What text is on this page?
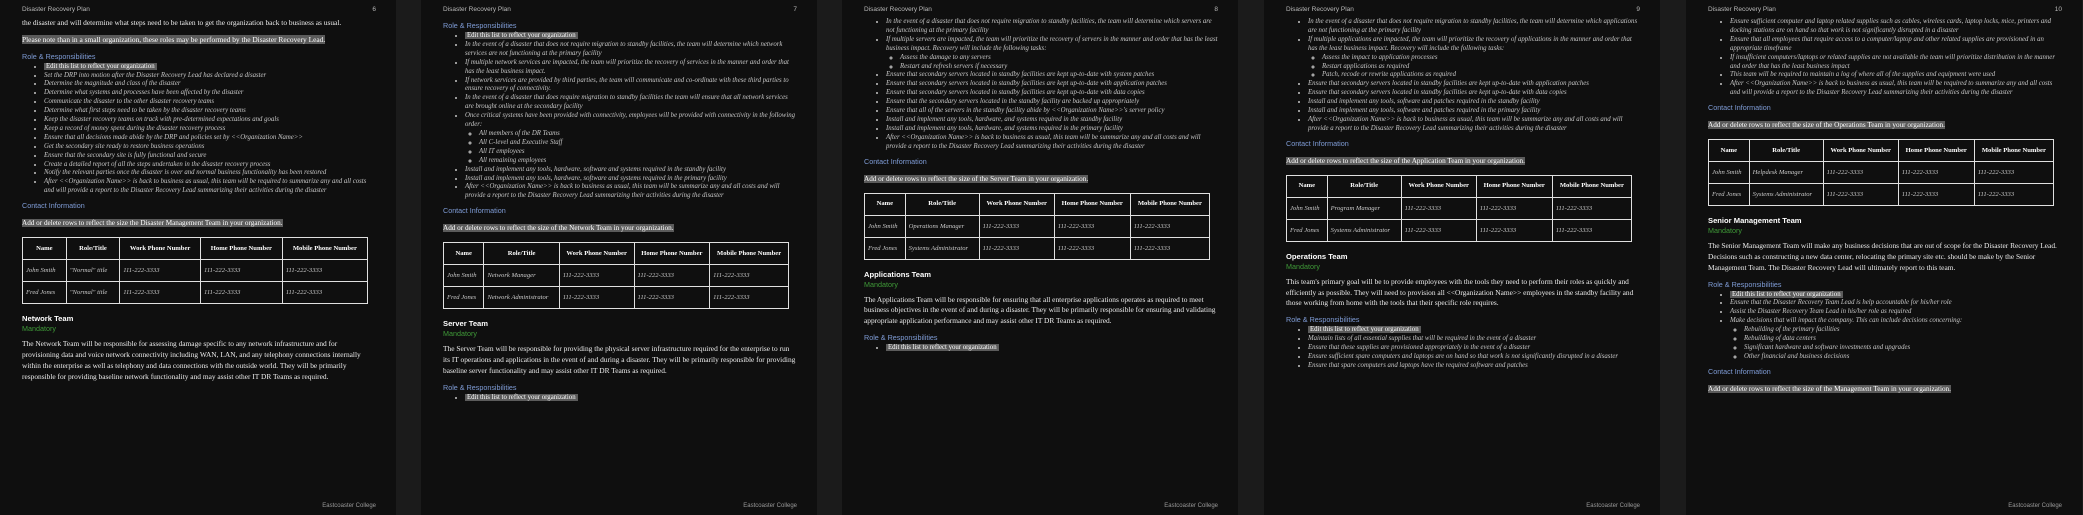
Disaster Recovery Plan	6

the disaster and will determine what steps need to be taken to get the organization back to business as usual.

Please note than in a small organization, these roles may be performed by the Disaster Recovery Lead.

Role & Responsibilities
• Edit this list to reflect your organization
• Set the DRP into motion after the Disaster Recovery Lead has declared a disaster
• Determine the magnitude and class of the disaster
• Determine what systems and processes have been affected by the disaster
• Communicate the disaster to the other disaster recovery teams
• Determine what first steps need to be taken by the disaster recovery teams
• Keep the disaster recovery teams on track with pre-determined expectations and goals
• Keep a record of money spent during the disaster recovery process
• Ensure that all decisions made abide by the DRP and policies set by <<Organization Name>>
• Get the secondary site ready to restore business operations
• Ensure that the secondary site is fully functional and secure
• Create a detailed report of all the steps undertaken in the disaster recovery process
• Notify the relevant parties once the disaster is over and normal business functionality has been restored
• After <<Organization Name>> is back to business as usual, this team will be required to summarize any and all costs and will provide a report to the Disaster Recovery Lead summarizing their activities during the disaster
Contact Information
Add or delete rows to reflect the size the Disaster Management Team in your organization.
Name	Role/Title	Work Phone Number	Home Phone Number	Mobile Phone Number
John Smith	"Normal" title	111-222-3333	111-222-3333	111-222-3333
Fred Jones	"Normal" title	111-222-3333	111-222-3333	111-222-3333
Network Team
Mandatory

The Network Team will be responsible for assessing damage specific to any network infrastructure and for provisioning data and voice network connectivity including WAN, LAN, and any telephony connections internally within the enterprise as well as telephony and data connections with the outside world. They will be primarily responsible for providing baseline network functionality and may assist other IT DR Teams as required.

Eastcoaster College
Disaster Recovery Plan	7
Role & Responsibilities
• Edit this list to reflect your organization
• In the event of a disaster that does not require migration to standby facilities, the team will determine which network services are not functioning at the primary facility
• If multiple network services are impacted, the team will prioritize the recovery of services in the manner and order that has the least business impact.
• If network services are provided by third parties, the team will communicate and co-ordinate with these third parties to ensure recovery of connectivity.
• In the event of a disaster that does require migration to standby facilities the team will ensure that all network services are brought online at the secondary facility
• Once critical systems have been provided with connectivity, employees will be provided with connectivity in the following order:
◦ All members of the DR Teams
◦ All C-level and Executive Staff
◦ All IT employees
◦ All remaining employees
• Install and implement any tools, hardware, software and systems required in the standby facility
• Install and implement any tools, hardware, software and systems required in the primary facility
• After <<Organization Name>> is back to business as usual, this team will be summarize any and all costs and will provide a report to the Disaster Recovery Lead summarizing their activities during the disaster
Contact Information
Add or delete rows to reflect the size of the Network Team in your organization.
Name	Role/Title	Work Phone Number	Home Phone Number	Mobile Phone Number
John Smith	Network Manager	111-222-3333	111-222-3333	111-222-3333
Fred Jones	Network Administrator	111-222-3333	111-222-3333	111-222-3333
Server Team
Mandatory

The Server Team will be responsible for providing the physical server infrastructure required for the enterprise to run its IT operations and applications in the event of and during a disaster. They will be primarily responsible for providing baseline server functionality and may assist other IT DR Teams as required.

Role & Responsibilities
• Edit this list to reflect your organization
Eastcoaster College
Disaster Recovery Plan	8
• In the event of a disaster that does not require migration to standby facilities, the team will determine which servers are not functioning at the primary facility
• If multiple servers are impacted, the team will prioritize the recovery of servers in the manner and order that has the least business impact. Recovery will include the following tasks:
◦ Assess the damage to any servers
◦ Restart and refresh servers if necessary
• Ensure that secondary servers located in standby facilities are kept up-to-date with system patches
• Ensure that secondary servers located in standby facilities are kept up-to-date with application patches
• Ensure that secondary servers located in standby facilities are kept up-to-date with data copies
• Ensure that the secondary servers located in the standby facility are backed up appropriately
• Ensure that all of the servers in the standby facility abide by <<Organization Name>>'s server policy
• Install and implement any tools, hardware, and systems required in the standby facility
• Install and implement any tools, hardware, and systems required in the primary facility
• After <<Organization Name>> is back to business as usual, this team will be summarize any and all costs and will provide a report to the Disaster Recovery Lead summarizing their activities during the disaster
Contact Information
Add or delete rows to reflect the size of the Server Team in your organization.
Name	Role/Title	Work Phone Number	Home Phone Number	Mobile Phone Number
John Smith	Operations Manager	111-222-3333	111-222-3333	111-222-3333
Fred Jones	Systems Administrator	111-222-3333	111-222-3333	111-222-3333
Applications Team
Mandatory

The Applications Team will be responsible for ensuring that all enterprise applications operates as required to meet business objectives in the event of and during a disaster. They will be primarily responsible for ensuring and validating appropriate application performance and may assist other IT DR Teams as required.

Role & Responsibilities
• Edit this list to reflect your organization
Eastcoaster College
Disaster Recovery Plan	9
• In the event of a disaster that does not require migration to standby facilities, the team will determine which applications are not functioning at the primary facility
• If multiple applications are impacted, the team will prioritize the recovery of applications in the manner and order that has the least business impact. Recovery will include the following tasks:
◦ Assess the impact to application processes
◦ Restart applications as required
◦ Patch, recode or rewrite applications as required
• Ensure that secondary servers located in standby facilities are kept up-to-date with application patches
• Ensure that secondary servers located in standby facilities are kept up-to-date with data copies
• Install and implement any tools, software and patches required in the standby facility
• Install and implement any tools, software and patches required in the primary facility
• After <<Organization Name>> is back to business as usual, this team will be summarize any and all costs and will provide a report to the Disaster Recovery Lead summarizing their activities during the disaster
Contact Information
Add or delete rows to reflect the size of the Application Team in your organization.
Name	Role/Title	Work Phone Number	Home Phone Number	Mobile Phone Number
John Smith	Program Manager	111-222-3333	111-222-3333	111-222-3333
Fred Jones	Systems Administrator	111-222-3333	111-222-3333	111-222-3333
Operations Team
Mandatory

This team's primary goal will be to provide employees with the tools they need to perform their roles as quickly and efficiently as possible. They will need to provision all <<Organization Name>> employees in the standby facility and those working from home with the tools that their specific role requires.

Role & Responsibilities
• Edit this list to reflect your organization
• Maintain lists of all essential supplies that will be required in the event of a disaster
• Ensure that these supplies are provisioned appropriately in the event of a disaster
• Ensure sufficient spare computers and laptops are on hand so that work is not significantly disrupted in a disaster
• Ensure that spare computers and laptops have the required software and patches
Eastcoaster College
Disaster Recovery Plan	10
• Ensure sufficient computer and laptop related supplies such as cables, wireless cards, laptop locks, mice, printers and docking stations are on hand so that work is not significantly disrupted in a disaster
• Ensure that all employees that require access to a computer/laptop and other related supplies are provisioned in an appropriate timeframe
• If insufficient computers/laptops or related supplies are not available the team will prioritize distribution in the manner and order that has the least business impact
• This team will be required to maintain a log of where all of the supplies and equipment were used
• After <<Organization Name>> is back to business as usual, this team will be required to summarize any and all costs and will provide a report to the Disaster Recovery Lead summarizing their activities during the disaster
Contact Information
Add or delete rows to reflect the size of the Operations Team in your organization.
Name	Role/Title	Work Phone Number	Home Phone Number	Mobile Phone Number
John Smith	Helpdesk Manager	111-222-3333	111-222-3333	111-222-3333
Fred Jones	Systems Administrator	111-222-3333	111-222-3333	111-222-3333
Senior Management Team
Mandatory

The Senior Management Team will make any business decisions that are out of scope for the Disaster Recovery Lead. Decisions such as constructing a new data center, relocating the primary site etc. should be make by the Senior Management Team. The Disaster Recovery Lead will ultimately report to this team.

Role & Responsibilities
• Edit this list to reflect your organization
• Ensure that the Disaster Recovery Team Lead is help accountable for his/her role
• Assist the Disaster Recovery Team Lead in his/her role as required
• Make decisions that will impact the company. This can include decisions concerning:
◦ Rebuilding of the primary facilities
◦ Rebuilding of data centers
◦ Significant hardware and software investments and upgrades
◦ Other financial and business decisions
Contact Information
Add or delete rows to reflect the size of the Management Team in your organization.
Eastcoaster College
